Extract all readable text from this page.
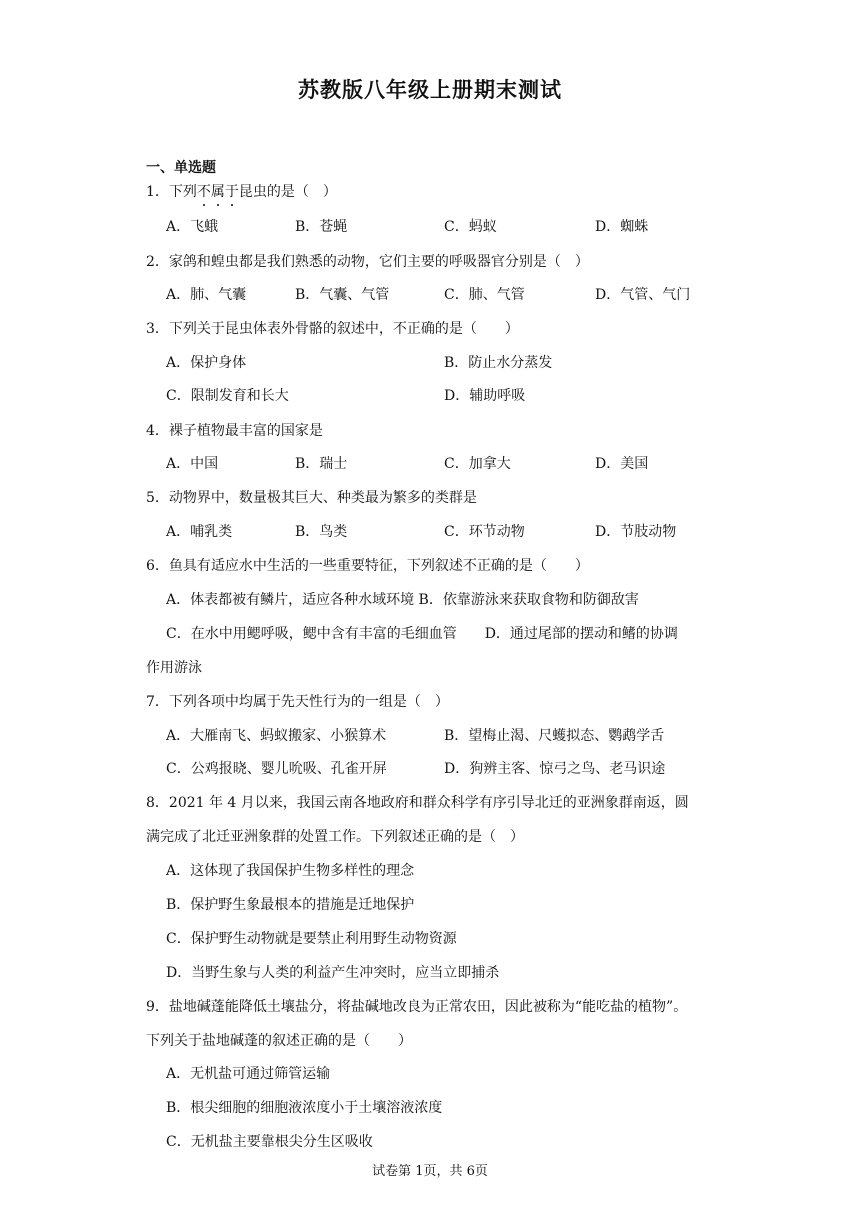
苏教版八年级上册期末测试
一、单选题
1．下列不
属
于
昆虫的是（　）
A．飞蛾	B．苍蝇	C．蚂蚁	D．蜘蛛
2．家鸽和蝗虫都是我们熟悉的动物，它们主要的呼吸器官分别是（　）
A．肺、气囊	B．气囊、气管	C．肺、气管	D．气管、气门
3．下列关于昆虫体表外骨骼的叙述中，不正确的是（　　）
A．保护身体	B．防止水分蒸发
C．限制发育和长大	D．辅助呼吸
4．裸子植物最丰富的国家是
A．中国	B．瑞士	C．加拿大	D．美国
5．动物界中，数量极其巨大、种类最为繁多的类群是
A．哺乳类	B．鸟类	C．环节动物	D．节肢动物
6．鱼具有适应水中生活的一些重要特征，下列叙述不正确的是（　　）
A．体表都被有鳞片，适应各种水域环境 B．依靠游泳来获取食物和防御敌害
C．在水中用鳃呼吸，鳃中含有丰富的毛细血管　　D．通过尾部的摆动和鳍的协调
作用游泳
7．下列各项中均属于先天性行为的一组是（　）
A．大雁南飞、蚂蚁搬家、小猴算术	B．望梅止渴、尺蠖拟态、鹦鹉学舌
C．公鸡报晓、婴儿吮吸、孔雀开屏	D．狗辨主客、惊弓之鸟、老马识途
8．2021 年 4 月以来，我国云南各地政府和群众科学有序引导北迁的亚洲象群南返，圆
满完成了北迁亚洲象群的处置工作。下列叙述正确的是（　）
A．这体现了我国保护生物多样性的理念
B．保护野生象最根本的措施是迁地保护
C．保护野生动物就是要禁止利用野生动物资源
D．当野生象与人类的利益产生冲突时，应当立即捕杀
9．盐地碱蓬能降低土壤盐分，将盐碱地改良为正常农田，因此被称为“能吃盐的植物”。
下列关于盐地碱蓬的叙述正确的是（　　）
A．无机盐可通过筛管运输
B．根尖细胞的细胞液浓度小于土壤溶液浓度
C．无机盐主要靠根尖分生区吸收
试卷第 1页，共 6页
